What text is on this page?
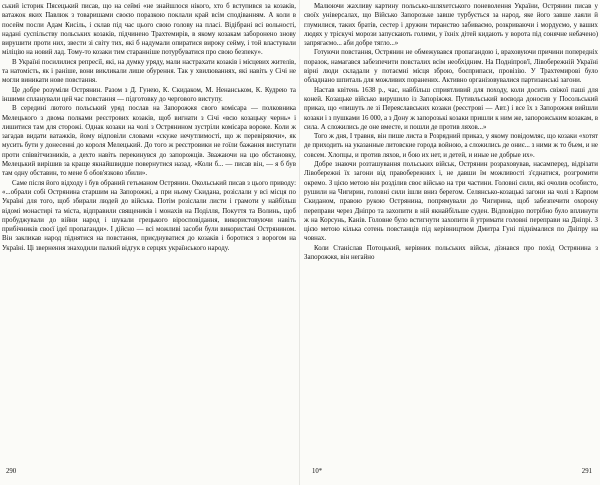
ський історик Пясецький писав, що на сеймі «не знайшлося нікого, хто б вступився за козаків, ватажок яких Павлюк з товаришами своєю поразкою поклали край всім сподіванням. А коли в посейм посли Адам Кисіль, і склав під час цього свою голову на пласі. Відібрані всі вольності, надані суспільству польських козаків, підчинено Трахтемирів, в якому козакам заборонено знову вирушити проти них, звести зі світу тих, які б надумали опиратися вироку сейму, і той властували міліцію на новий лад. Тому-то козаки тим старанніше потурбуватися про свою безпеку».

В Україні посилилися репресії, які, на думку уряду, мали настрахати козаків і місцевих жителів, та натомість, як і раніше, вони викликали лише обурення. Так у хвилюваннях, які навіть у Січі не могли виникати нове повстання.

Це добре розуміли Острянин. Разом з Д. Гунею, К. Скидаком, М. Ненанськом, К. Кудрею та іншими спланували цей час повстання — підготовку до чергового виступу.

В середині лютого польський уряд послав на Запорожжя свого комісара — полковника Мелецького з двома полками реєстрових козаків, щоб вигнати з Січі «всю козацьку чернь» і лишитися там для сторожі. Однак козаки на чолі з Острянином зустріли комісара вороже. Коли ж загадав видати ватажків, йому відповіли словами «скуже нечутлимості, що ж перевіряючи», як мусить бути у донесенні до короля Мелецький. До того ж реєстровики не гоїли бажання виступати проти співвітчизників, а дехто навіть перекинувся до запорожців. Зважаючи на цю обстановку, Мелецький вирішив за краще якнайшвидше повернутися назад. «Коли б... — писав він, — я б був там одну обставин, то мене б обов'язково збили».

Саме після його відходу і був обраний гетьманом Острянин. Окольський писав з цього приводу: «...обрали собі Острянина старшим на Запорожжі, а при ньому Скидана, розіслали у всі місця по Україні для того, щоб збирали людей до війська. Потім розіслали листи і грамоти у найбільш відомі монастирі та міста, відправили священиків і монахів на Поділля, Покуття та Волинь, щоб пробуджували до війни народ і шукали грецького віросповідання, використовуючи навіть прибічників своєї ідеї пропаганди». І дійсно — всі можливі засоби були використані Острянином. Він закликав народ піднятися на повстання, приєднуватися до козаків і боротися з ворогом на Україні. Ці звернення знаходили палкий відгук в серцях українського народу.

Малюючи жахливу картину польсько-шляхетського поневолення України, Острянин писав у своїх універсалах, що Військо Запорозьке завше турбується за народ, яке його завше лаяли й глумилися, таких братів, сестер і дружин тиранство забиваємо, розкриваючи і мордуємо, у ваших людях у тріскучі морози запускають голими, у їхніх дітей кидають у ворота під сонячне небачено) запрягаємо... аби добре тягло...»

Готуючи повстання, Острянин не обмежувався пропагандою і, враховуючи причини попередніх поразок, намагався забезпечити повсталих всім необхідним. На Подніпров'ї, Лівобережній Україні вірні люди складали у потаємні місця зброю, боєприпаси, провізію. У Трахтемирові було обладнано шпиталь для можливих поранених. Активно організовувалися партизанські загони.

Настав квітень 1638 р., час, найбільш сприятливий для походу, коли досить свіжої паші для коней. Козацьке військо вирушило із Запоріжжя. Путивльський воєвода доносив у Посольський приказ, що «пишуть ле зі Переяславських козаки (реєстрові — Авт.) і все їх з Запорожжя вийшли козаки і з пушками 16 000, а з Дону ж запорозькі козаки пришли к ним же, запорожським козакам, в сила. А сложились де оне вместе, и пошли де против ляхов...»

Того ж дня, I травня, він пише листа в Розрядний приказ, у якому повідомляє, що козаки «хотят де приходить на указанные литовские города войною, а сложились де ониє... з ними ж то бъем, и не совсем. Хлопцы, и против ляхов, и бою их нет, и детей, и иные не добрые их».

Добре знаючи розташування польських військ, Острянин розраховував, насамперед, відрізати Лівобережні їх загони від правобережних і, не давши їм можливості з'єднатися, розгромити окремо. З цією метою він розділив своє військо на три частини. Головні сили, які очолив особисто, рушили на Чигирин, головні сили ішли вниз берегом. Селянсько-козацькі загони на чолі з Карпом Скиданом, правою рукою Острянина, попрямували до Чигирина, щоб забезпечити охорону переправи через Дніпро та захопити в ній якнайбільше суден. Відповідно потрібно було вплинути ж на Корсунь, Канів. Головне було встигнути захопити й утримати головні переправи на Дніпрі. З цією метою кілька сотень повстанців під керівництвом Дмитра Гуні піднімалися по Дніпру на човнах.

Коли Станіслав Потоцький, керівник польських військ, дізнався про похід Острянина з Запорожжя, він негайно

290	10*	291
